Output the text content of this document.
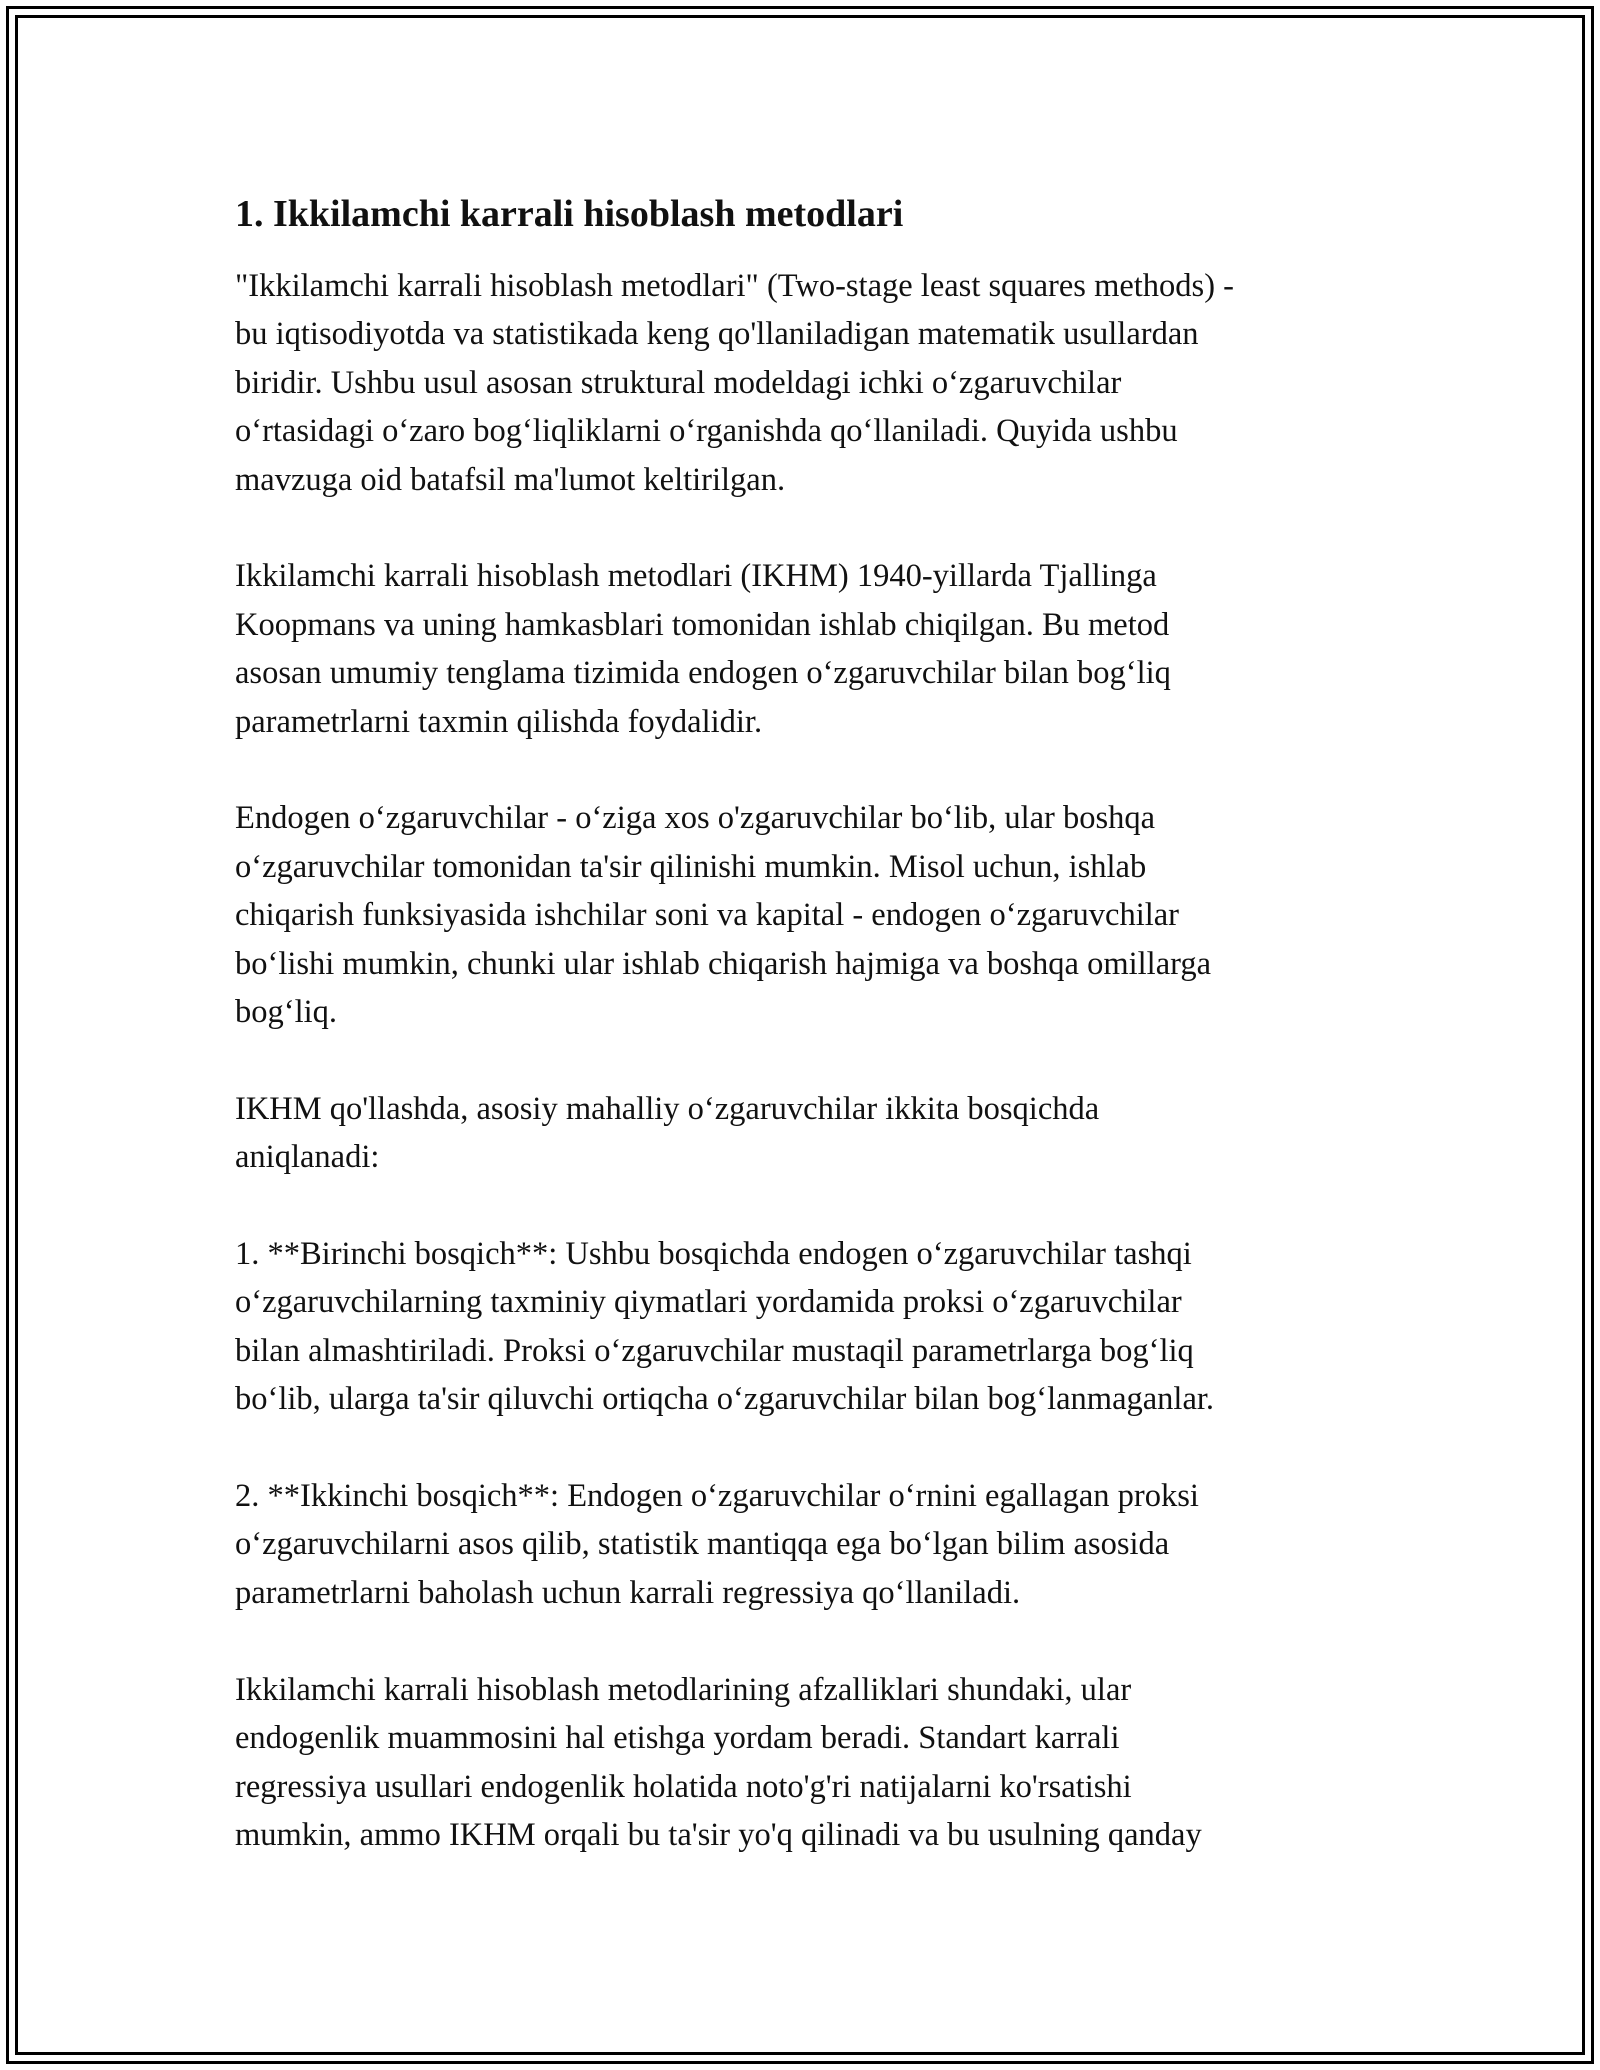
1. Ikkilamchi karrali hisoblash metodlari

"Ikkilamchi karrali hisoblash metodlari" (Two-stage least squares methods) -
bu iqtisodiyotda va statistikada keng qo'llaniladigan matematik usullardan
biridir. Ushbu usul asosan struktural modeldagi ichki oʻzgaruvchilar
oʻrtasidagi oʻzaro bogʻliqliklarni oʻrganishda qoʻllaniladi. Quyida ushbu
mavzuga oid batafsil ma'lumot keltirilgan.

Ikkilamchi karrali hisoblash metodlari (IKHM) 1940-yillarda Tjallinga
Koopmans va uning hamkasblari tomonidan ishlab chiqilgan. Bu metod
asosan umumiy tenglama tizimida endogen oʻzgaruvchilar bilan bogʻliq
parametrlarni taxmin qilishda foydalidir.

Endogen oʻzgaruvchilar - oʻziga xos o'zgaruvchilar boʻlib, ular boshqa
oʻzgaruvchilar tomonidan ta'sir qilinishi mumkin. Misol uchun, ishlab
chiqarish funksiyasida ishchilar soni va kapital - endogen oʻzgaruvchilar
boʻlishi mumkin, chunki ular ishlab chiqarish hajmiga va boshqa omillarga
bogʻliq.

IKHM qo'llashda, asosiy mahalliy oʻzgaruvchilar ikkita bosqichda
aniqlanadi:

1. **Birinchi bosqich**: Ushbu bosqichda endogen oʻzgaruvchilar tashqi
oʻzgaruvchilarning taxminiy qiymatlari yordamida proksi oʻzgaruvchilar
bilan almashtiriladi. Proksi oʻzgaruvchilar mustaqil parametrlarga bogʻliq
boʻlib, ularga ta'sir qiluvchi ortiqcha oʻzgaruvchilar bilan bogʻlanmaganlar.

2. **Ikkinchi bosqich**: Endogen oʻzgaruvchilar oʻrnini egallagan proksi
oʻzgaruvchilarni asos qilib, statistik mantiqqa ega boʻlgan bilim asosida
parametrlarni baholash uchun karrali regressiya qoʻllaniladi.

Ikkilamchi karrali hisoblash metodlarining afzalliklari shundaki, ular
endogenlik muammosini hal etishga yordam beradi. Standart karrali
regressiya usullari endogenlik holatida noto'g'ri natijalarni ko'rsatishi
mumkin, ammo IKHM orqali bu ta'sir yo'q qilinadi va bu usulning qanday
